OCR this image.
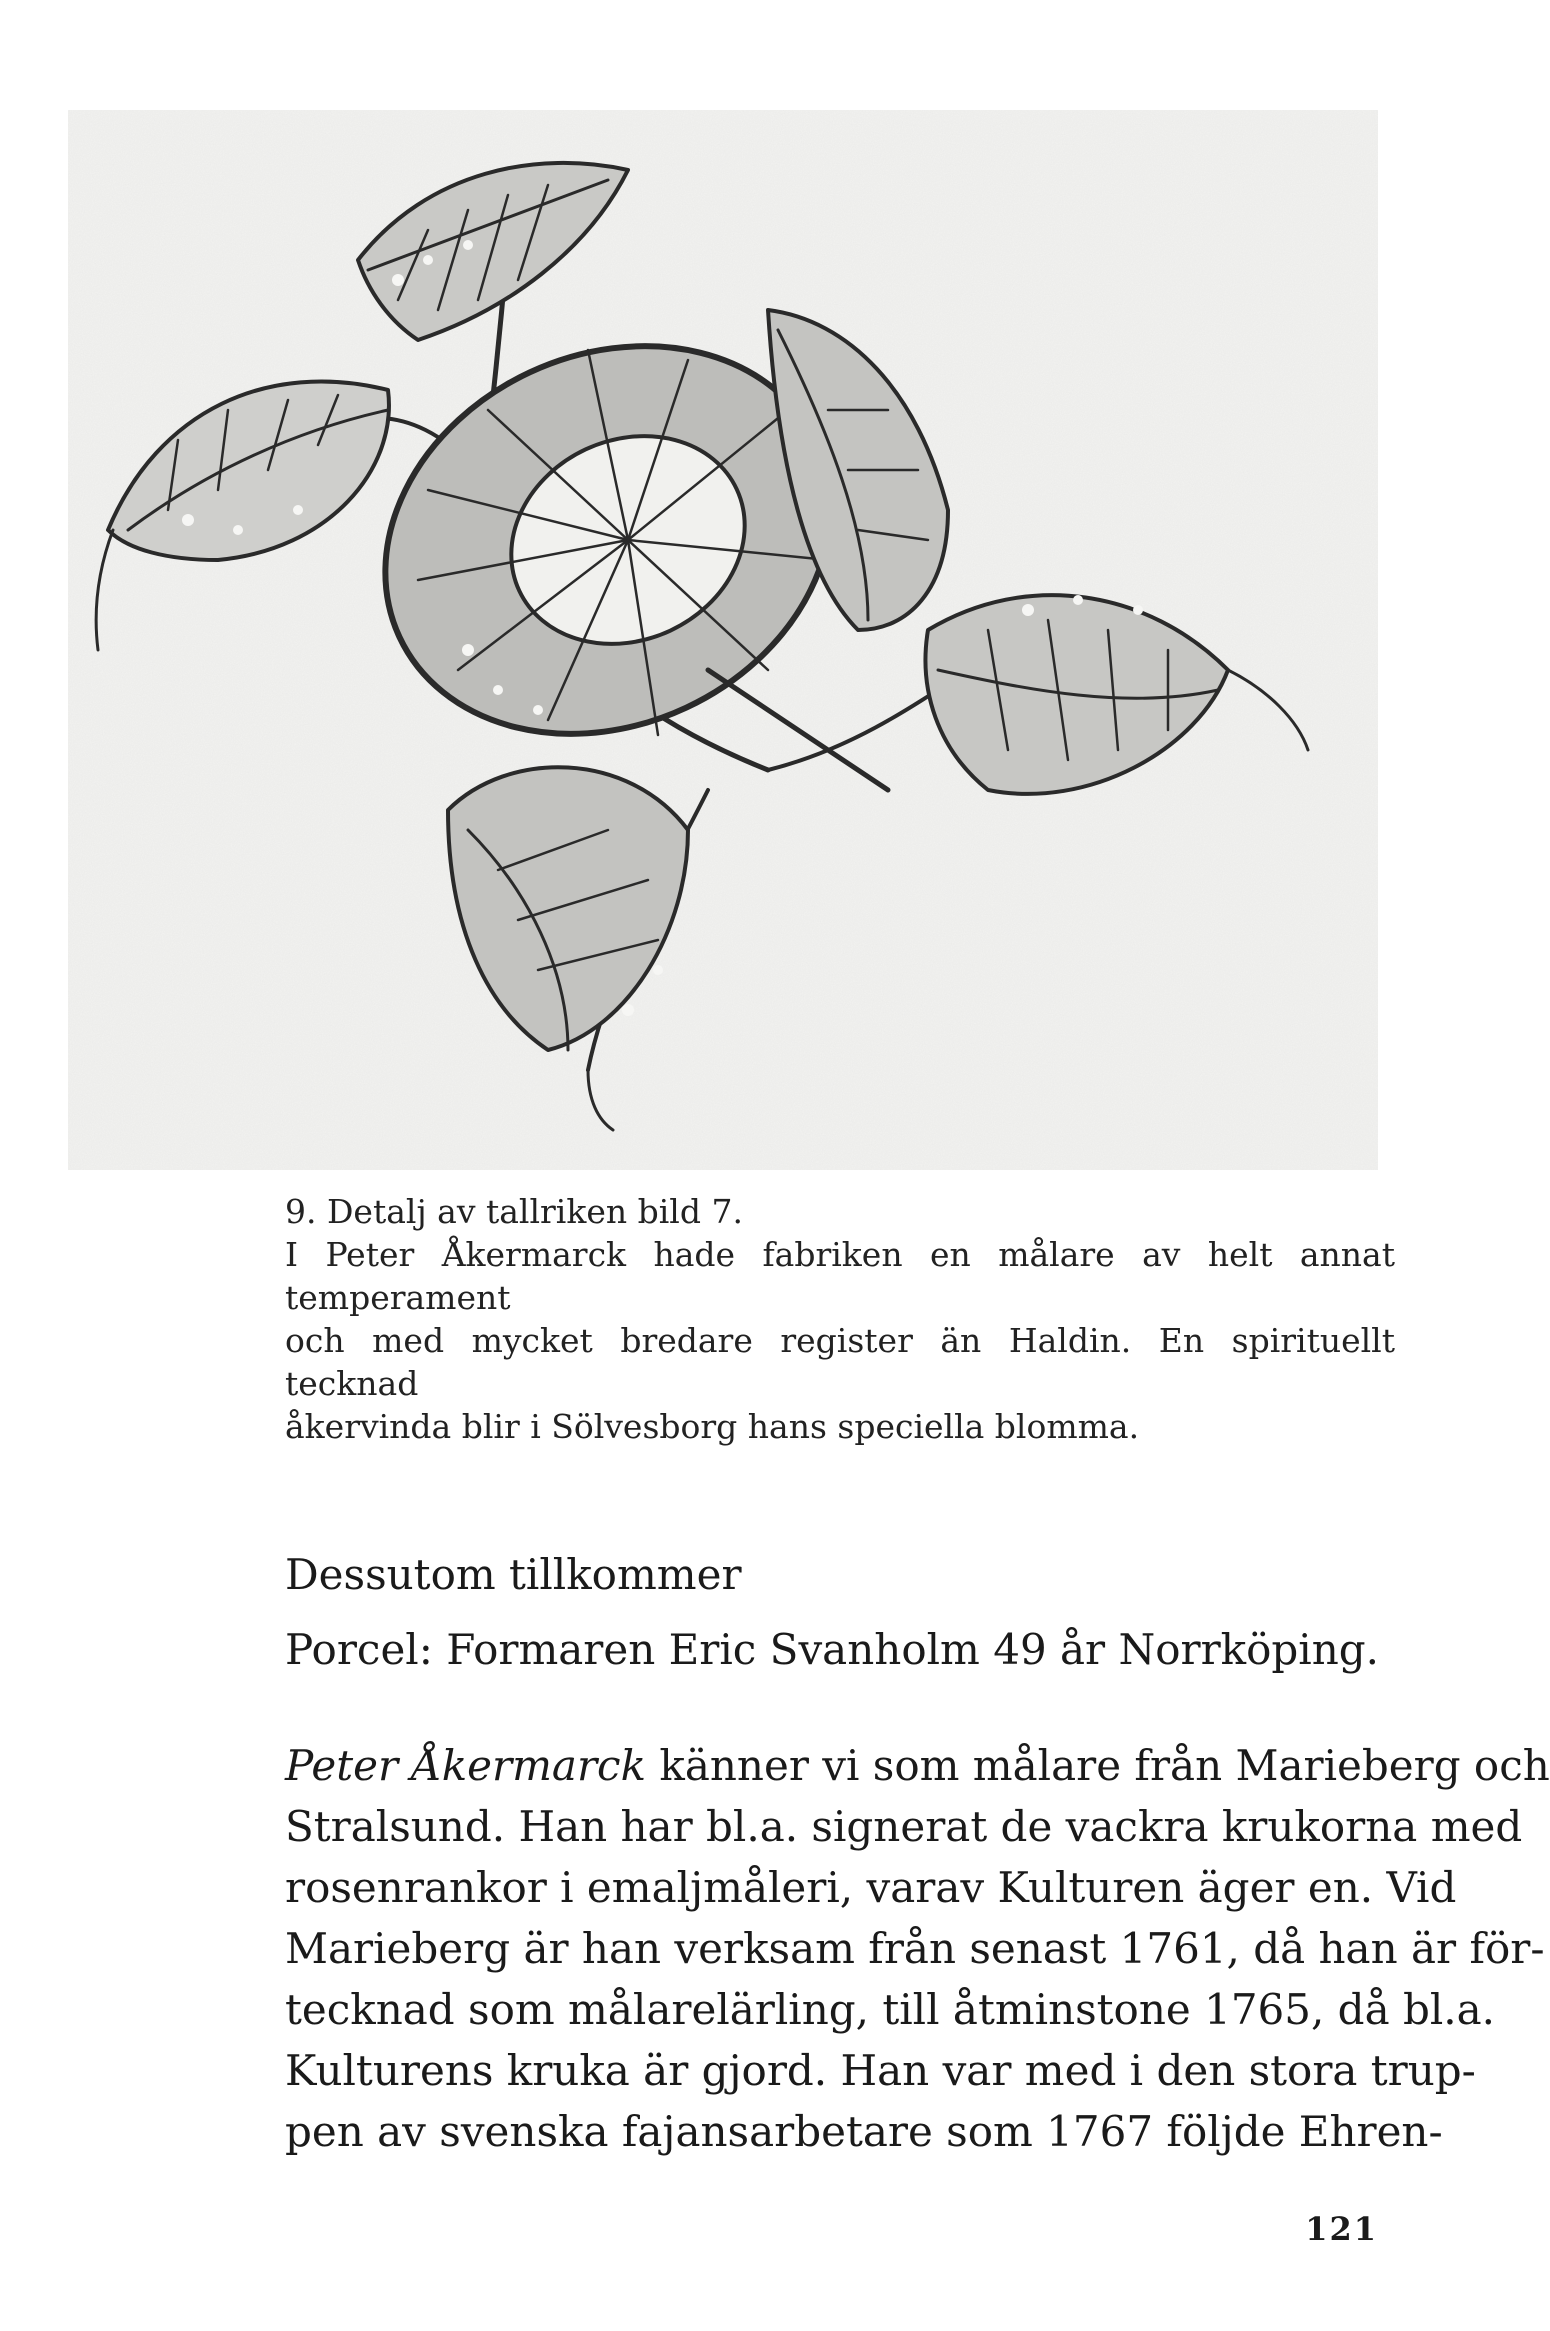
9. Detalj av tallriken bild 7.

I Peter Åkermarck hade fabriken en målare av helt annat temperament

och med mycket bredare register än Haldin. En spirituellt tecknad

åkervinda blir i Sölvesborg hans speciella blomma.

Dessutom tillkommer

Porcel: Formaren Eric Svanholm 49 år Norrköping.

Peter Åkermarck känner vi som målare från Marieberg och
Stralsund. Han har bl.a. signerat de vackra krukorna med
rosenrankor i emaljmåleri, varav Kulturen äger en. Vid
Marieberg är han verksam från senast 1761, då han är för-
tecknad som målarelärling, till åtminstone 1765, då bl.a.
Kulturens kruka är gjord. Han var med i den stora trup-
pen av svenska fajansarbetare som 1767 följde Ehren-

121
